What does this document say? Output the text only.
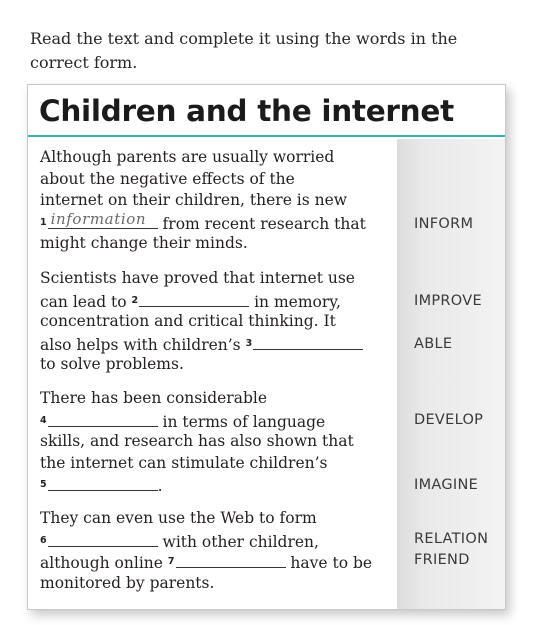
Read the text and complete it using the words in the correct form.
Children and the internet
Although parents are usually worried
about the negative effects of the
internet on their children, there is new
$^1$ information from recent research that
might change their minds.
Scientists have proved that internet use
can lead to $^2$	in memory,
concentration and critical thinking. It
also helps with children’s $^3$
to solve problems.
There has been considerable
$^4$	in terms of language
skills, and research has also shown that
the internet can stimulate children’s
$^5$	.
They can even use the Web to form
$^6$	with other children,
although online $^7$	have to be
monitored by parents.
INFORM
IMPROVE
ABLE
DEVELOP
IMAGINE
RELATION
FRIEND
